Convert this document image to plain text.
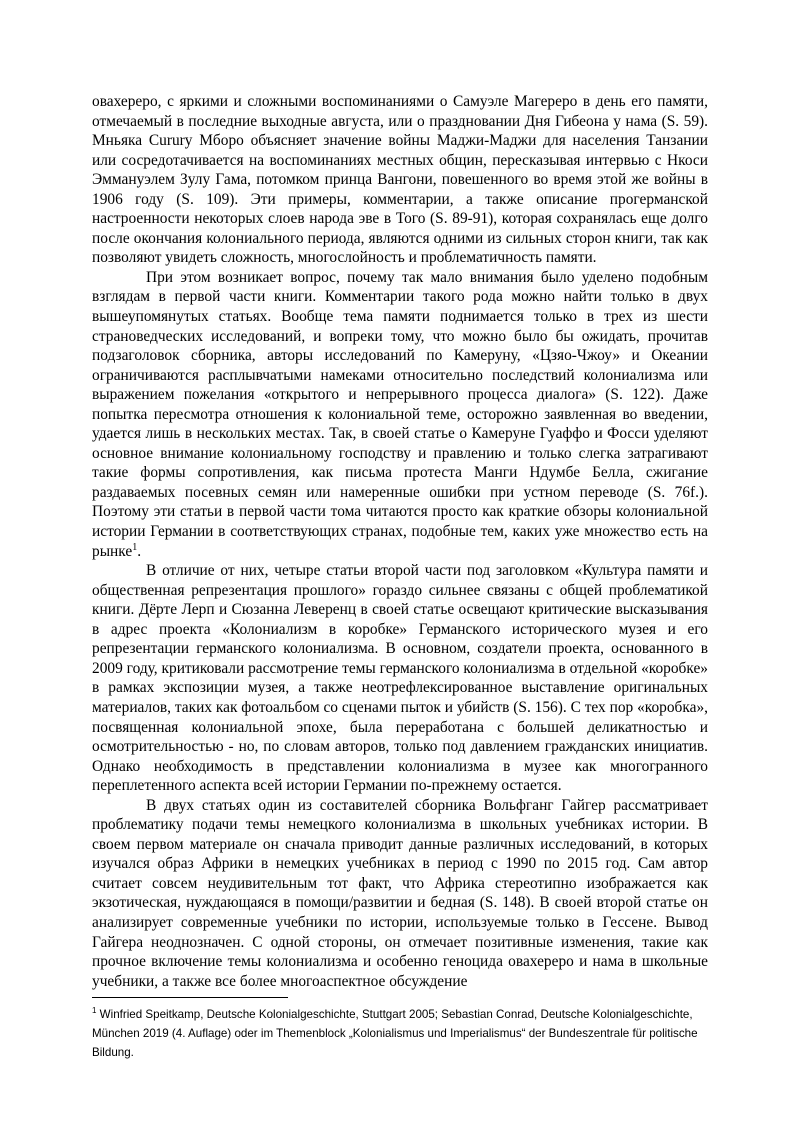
овахереро, с яркими и сложными воспоминаниями о Самуэле Магереро в день его памяти, отмечаемый в последние выходные августа, или о праздновании Дня Гибеона у нама (S. 59). Мньяка Сururу Мборо объясняет значение войны Маджи-Маджи для населения Танзании или сосредотачивается на воспоминаниях местных общин, пересказывая интервью с Нкоси Эммануэлем Зулу Гама, потомком принца Вангони, повешенного во время этой же войны в 1906 году (S. 109). Эти примеры, комментарии, а также описание прогерманской настроенности некоторых слоев народа эве в Того (S. 89-91), которая сохранялась еще долго после окончания колониального периода, являются одними из сильных сторон книги, так как позволяют увидеть сложность, многослойность и проблематичность памяти.

При этом возникает вопрос, почему так мало внимания было уделено подобным взглядам в первой части книги. Комментарии такого рода можно найти только в двух вышеупомянутых статьях. Вообще тема памяти поднимается только в трех из шести страноведческих исследований, и вопреки тому, что можно было бы ожидать, прочитав подзаголовок сборника, авторы исследований по Камеруну, «Цзяо-Чжоу» и Океании ограничиваются расплывчатыми намеками относительно последствий колониализма или выражением пожелания «открытого и непрерывного процесса диалога» (S. 122). Даже попытка пересмотра отношения к колониальной теме, осторожно заявленная во введении, удается лишь в нескольких местах. Так, в своей статье о Камеруне Гуаффо и Фосси уделяют основное внимание колониальному господству и правлению и только слегка затрагивают такие формы сопротивления, как письма протеста Манги Ндумбе Белла, сжигание раздаваемых посевных семян или намеренные ошибки при устном переводе (S. 76f.). Поэтому эти статьи в первой части тома читаются просто как краткие обзоры колониальной истории Германии в соответствующих странах, подобные тем, каких уже множество есть на рынке$^1$.

В отличие от них, четыре статьи второй части под заголовком «Культура памяти и общественная репрезентация прошлого» гораздо сильнее связаны с общей проблематикой книги. Дёрте Лерп и Сюзанна Леверенц в своей статье освещают критические высказывания в адрес проекта «Колониализм в коробке» Германского исторического музея и его репрезентации германского колониализма. В основном, создатели проекта, основанного в 2009 году, критиковали рассмотрение темы германского колониализма в отдельной «коробке» в рамках экспозиции музея, а также неотрефлексированное выставление оригинальных материалов, таких как фотоальбом со сценами пыток и убийств (S. 156). С тех пор «коробка», посвященная колониальной эпохе, была переработана с большей деликатностью и осмотрительностью - но, по словам авторов, только под давлением гражданских инициатив. Однако необходимость в представлении колониализма в музее как многогранного переплетенного аспекта всей истории Германии по-прежнему остается.

В двух статьях один из составителей сборника Вольфганг Гайгер рассматривает проблематику подачи темы немецкого колониализма в школьных учебниках истории. В своем первом материале он сначала приводит данные различных исследований, в которых изучался образ Африки в немецких учебниках в период с 1990 по 2015 год. Сам автор считает совсем неудивительным тот факт, что Африка стереотипно изображается как экзотическая, нуждающаяся в помощи/развитии и бедная (S. 148). В своей второй статье он анализирует современные учебники по истории, используемые только в Гессене. Вывод Гайгера неоднозначен. С одной стороны, он отмечает позитивные изменения, такие как прочное включение темы колониализма и особенно геноцида овахереро и нама в школьные учебники, а также все более многоаспектное обсуждение

$^1$ Winfried Speitkamp, Deutsche Kolonialgeschichte, Stuttgart 2005; Sebastian Conrad, Deutsche Kolonialgeschichte, München 2019 (4. Auflage) oder im Themenblock „Kolonialismus und Imperialismus“ der Bundeszentrale für politische Bildung.
